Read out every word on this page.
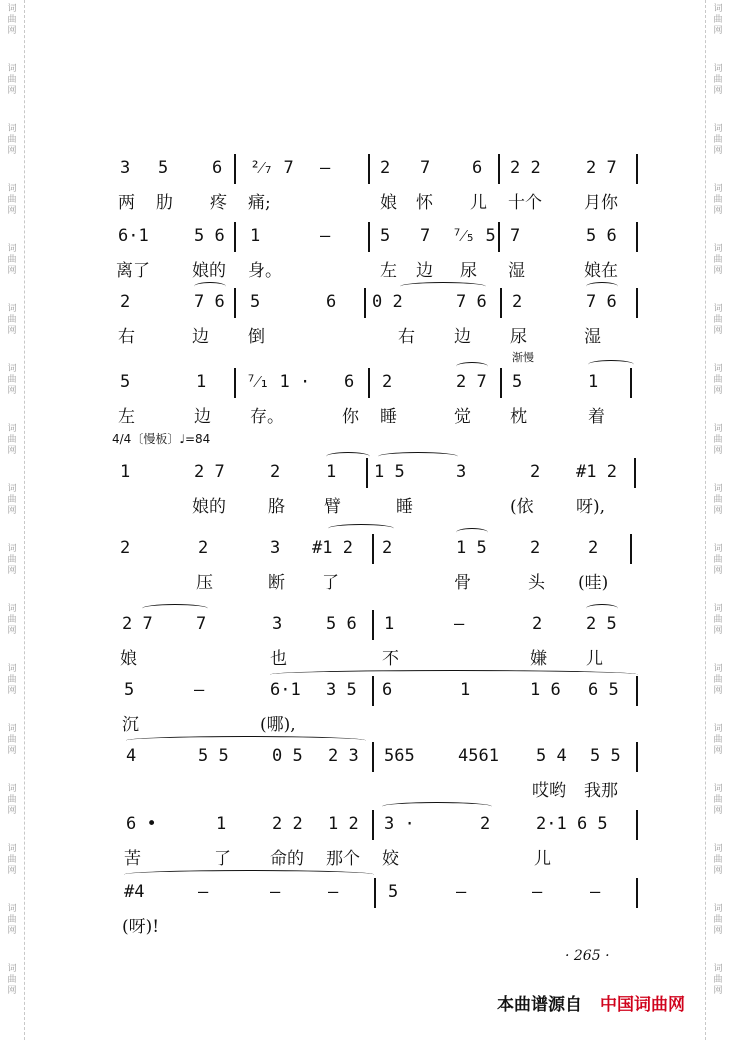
词
曲
网
词
曲
网
词
曲
网
词
曲
网
词
曲
网
词
曲
网
词
曲
网
词
曲
网
词
曲
网
词
曲
网
词
曲
网
词
曲
网
词
曲
网
词
曲
网
词
曲
网
词
曲
网
词
曲
网
词
曲
网
词
曲
网
词
曲
网
词
曲
网
词
曲
网
词
曲
网
词
曲
网
词
曲
网
词
曲
网
词
曲
网
词
曲
网
词
曲
网
词
曲
网
词
曲
网
词
曲
网
词
曲
网
词
曲
网
3 5	6 ²⁄₇ 7 —	2 7 6 2 2	2 7
两 肋 疼 痛;	娘 怀 儿 十个 月你
6·1	5 6 1	—	5 7 ⁷⁄₅ 5 7	5 6
离了 娘的 身。	左 边 尿 湿	娘在
2	7 6 5	6 0 2	7 6 2	7 6
右	边 倒	右 边 尿	湿
渐慢
5	1 ⁷⁄₁ 1 · 6 2	2 7 5	1
左	边 存。	你 睡	觉 枕	着
4/4〔慢板〕♩=84
1	2 7	2	1 1 5	3	2 #1 2
娘的 胳 臂	睡	(依 呀),
2	2	3 #1 2 2	1 5	2	2
压	断 了	骨	头 (哇)
2 7	7	3	5 6 1	—	2	2 5
娘	也	不	嫌 儿
5	—	6·1 3 5 6	1	1 6 6 5
沉	(哪),
4	5 5	0 5 2 3 565	4561 5 4 5 5
哎哟 我那
6 •	1	2 2 1 2 3 ·	2	2·1 6 5
苦	了 命的 那个 姣	儿
#4	—	—	—	5	—	—	—
(呀)!
· 265 ·
本曲谱源自 中国词曲网
